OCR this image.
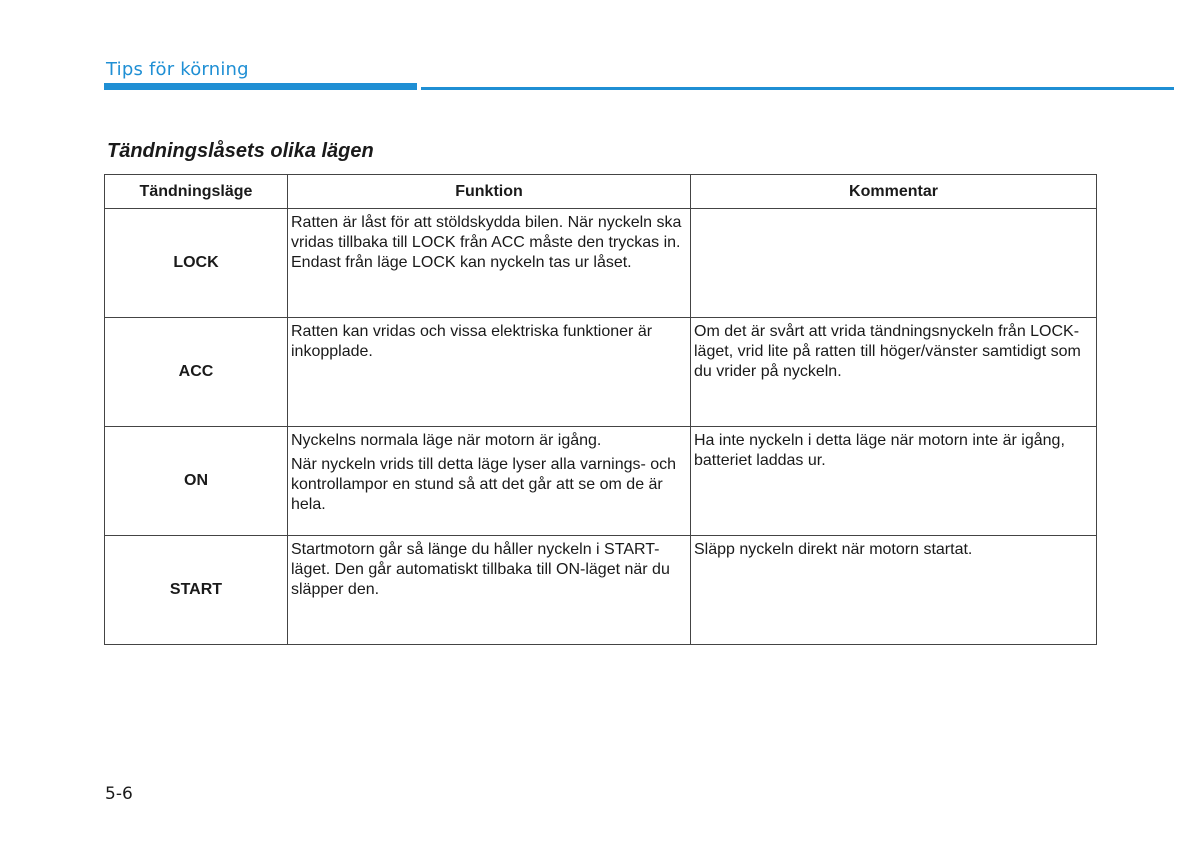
Tips för körning
Tändningslåsets olika lägen
Tändningsläge	Funktion	Kommentar
LOCK	Ratten är låst för att stöldskydda bilen. När nyckeln ska vridas tillbaka till LOCK från ACC måste den tryckas in. Endast från läge LOCK kan nyckeln tas ur låset.	

ACC	Ratten kan vridas och vissa elektriska funktioner är inkopplade.	Om det är svårt att vrida tändningsnyckeln från LOCK-läget, vrid lite på ratten till höger/vänster samtidigt som du vrider på nyckeln.
ON	Nyckelns normala läge när motorn är igång.

När nyckeln vrids till detta läge lyser alla varnings- och kontrollampor en stund så att det går att se om de är hela.	Ha inte nyckeln i detta läge när motorn inte är igång, batteriet laddas ur.
START	Startmotorn går så länge du håller nyckeln i START-läget. Den går automatiskt tillbaka till ON-läget när du släpper den.	Släpp nyckeln direkt när motorn startat.
5-6
